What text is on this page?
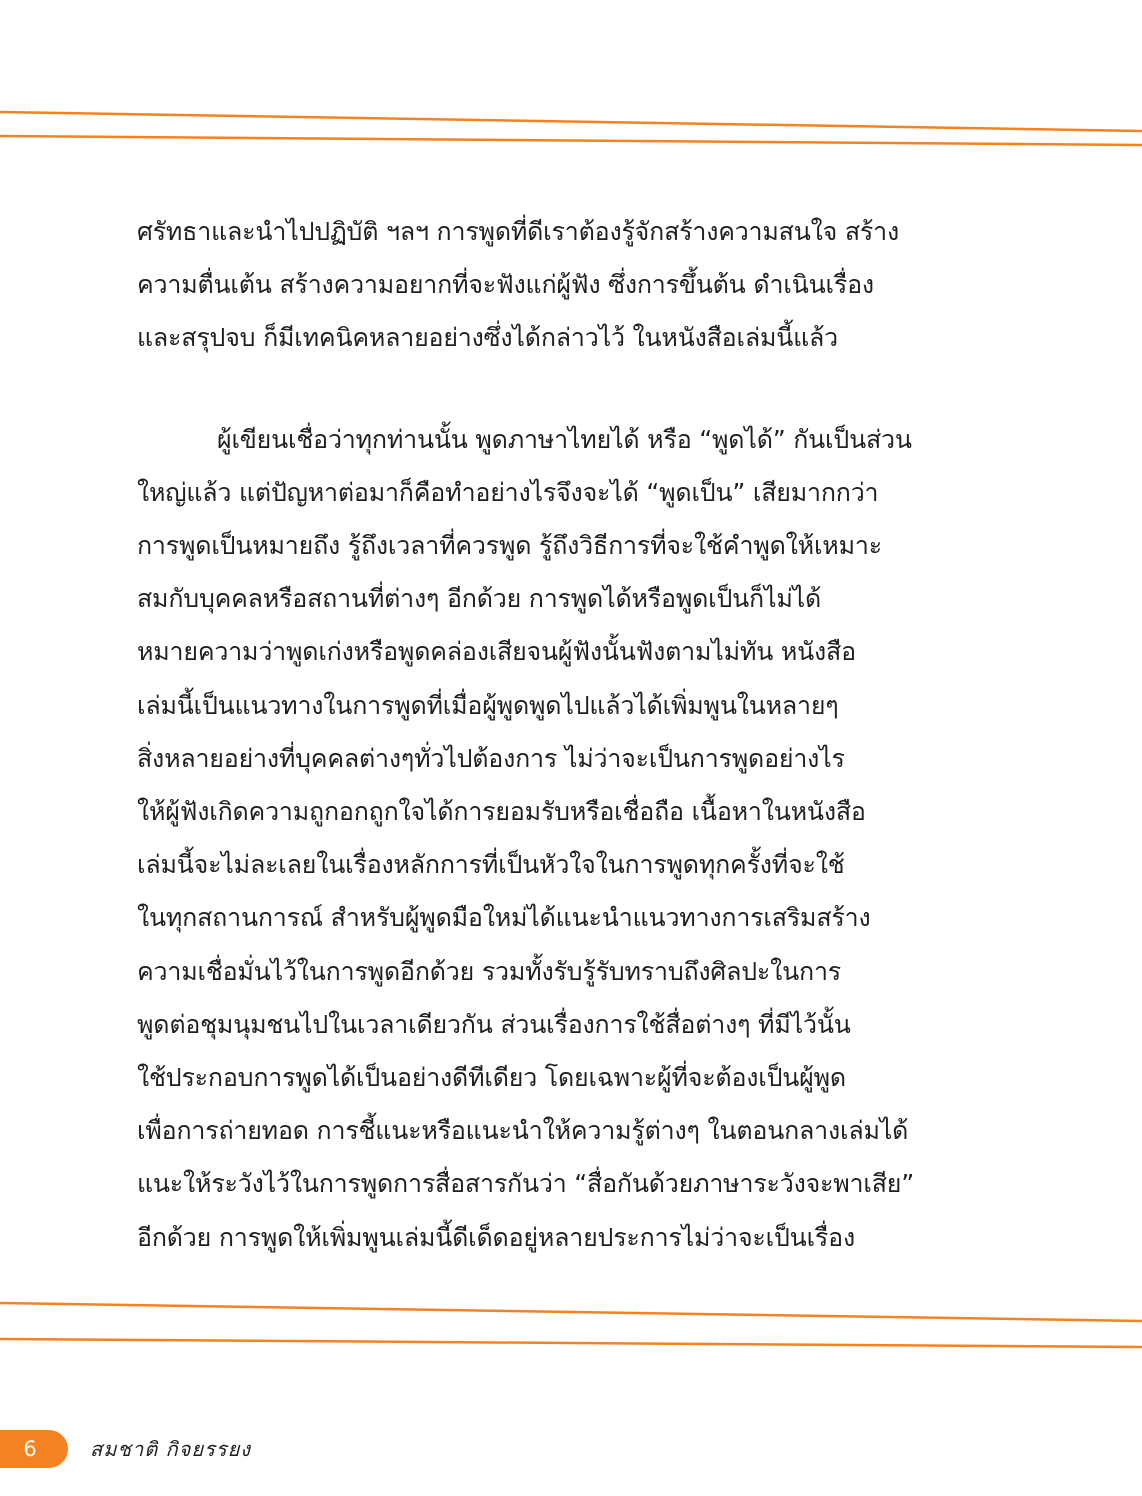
ศรัทธาและนำไปปฏิบัติ ฯลฯ การพูดที่ดีเราต้องรู้จักสร้างความสนใจ สร้าง
ความตื่นเต้น สร้างความอยากที่จะฟังแก่ผู้ฟัง ซึ่งการขึ้นต้น ดำเนินเรื่อง
และสรุปจบ ก็มีเทคนิคหลายอย่างซึ่งได้กล่าวไว้ ในหนังสือเล่มนี้แล้ว
ผู้เขียนเชื่อว่าทุกท่านนั้น พูดภาษาไทยได้ หรือ “พูดได้” กันเป็นส่วน
ใหญ่แล้ว แต่ปัญหาต่อมาก็คือทำอย่างไรจึงจะได้ “พูดเป็น” เสียมากกว่า
การพูดเป็นหมายถึง รู้ถึงเวลาที่ควรพูด รู้ถึงวิธีการที่จะใช้คำพูดให้เหมาะ
สมกับบุคคลหรือสถานที่ต่างๆ อีกด้วย การพูดได้หรือพูดเป็นก็ไม่ได้
หมายความว่าพูดเก่งหรือพูดคล่องเสียจนผู้ฟังนั้นฟังตามไม่ทัน หนังสือ
เล่มนี้เป็นแนวทางในการพูดที่เมื่อผู้พูดพูดไปแล้วได้เพิ่มพูนในหลายๆ
สิ่งหลายอย่างที่บุคคลต่างๆทั่วไปต้องการ ไม่ว่าจะเป็นการพูดอย่างไร
ให้ผู้ฟังเกิดความถูกอกถูกใจได้การยอมรับหรือเชื่อถือ เนื้อหาในหนังสือ
เล่มนี้จะไม่ละเลยในเรื่องหลักการที่เป็นหัวใจในการพูดทุกครั้งที่จะใช้
ในทุกสถานการณ์ สำหรับผู้พูดมือใหม่ได้แนะนำแนวทางการเสริมสร้าง
ความเชื่อมั่นไว้ในการพูดอีกด้วย รวมทั้งรับรู้รับทราบถึงศิลปะในการ
พูดต่อชุมนุมชนไปในเวลาเดียวกัน ส่วนเรื่องการใช้สื่อต่างๆ ที่มีไว้นั้น
ใช้ประกอบการพูดได้เป็นอย่างดีทีเดียว โดยเฉพาะผู้ที่จะต้องเป็นผู้พูด
เพื่อการถ่ายทอด การชี้แนะหรือแนะนำให้ความรู้ต่างๆ ในตอนกลางเล่มได้
แนะให้ระวังไว้ในการพูดการสื่อสารกันว่า “สื่อกันด้วยภาษาระวังจะพาเสีย”
อีกด้วย การพูดให้เพิ่มพูนเล่มนี้ดีเด็ดอยู่หลายประการไม่ว่าจะเป็นเรื่อง
6	สมชาติ กิจยรรยง
